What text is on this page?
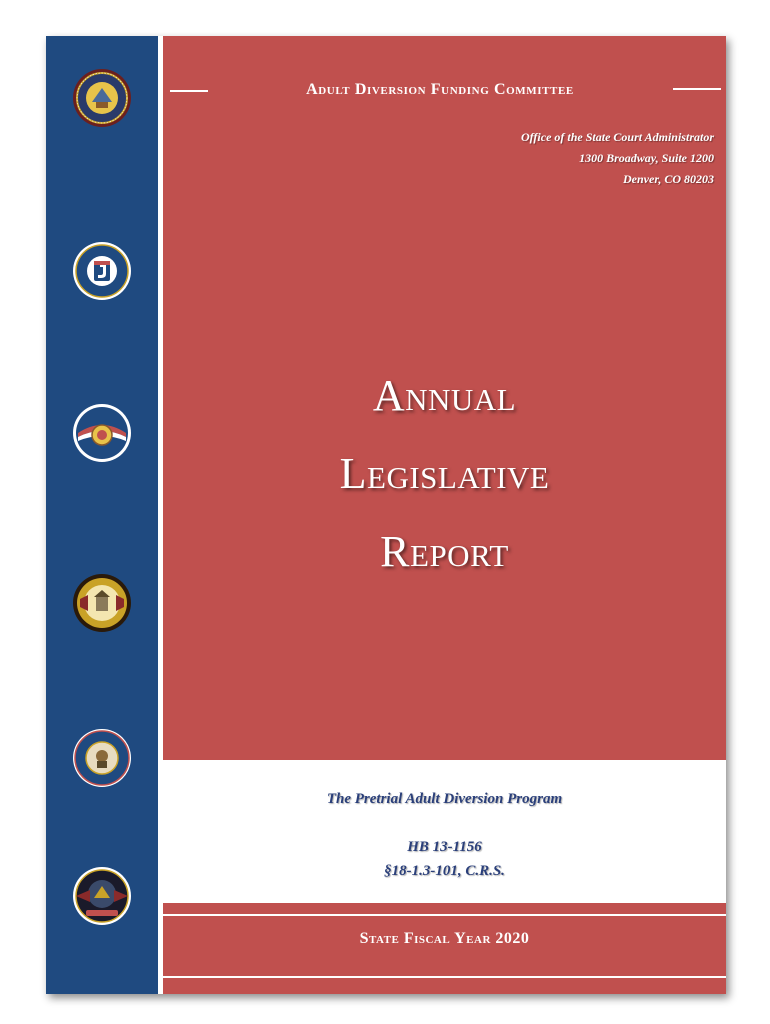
Adult Diversion Funding Committee
Office of the State Court Administrator
1300 Broadway, Suite 1200
Denver, CO 80203
Annual
Legislative
Report
The Pretrial Adult Diversion Program
HB 13-1156
§18-1.3-101, C.R.S.
State Fiscal Year 2020
